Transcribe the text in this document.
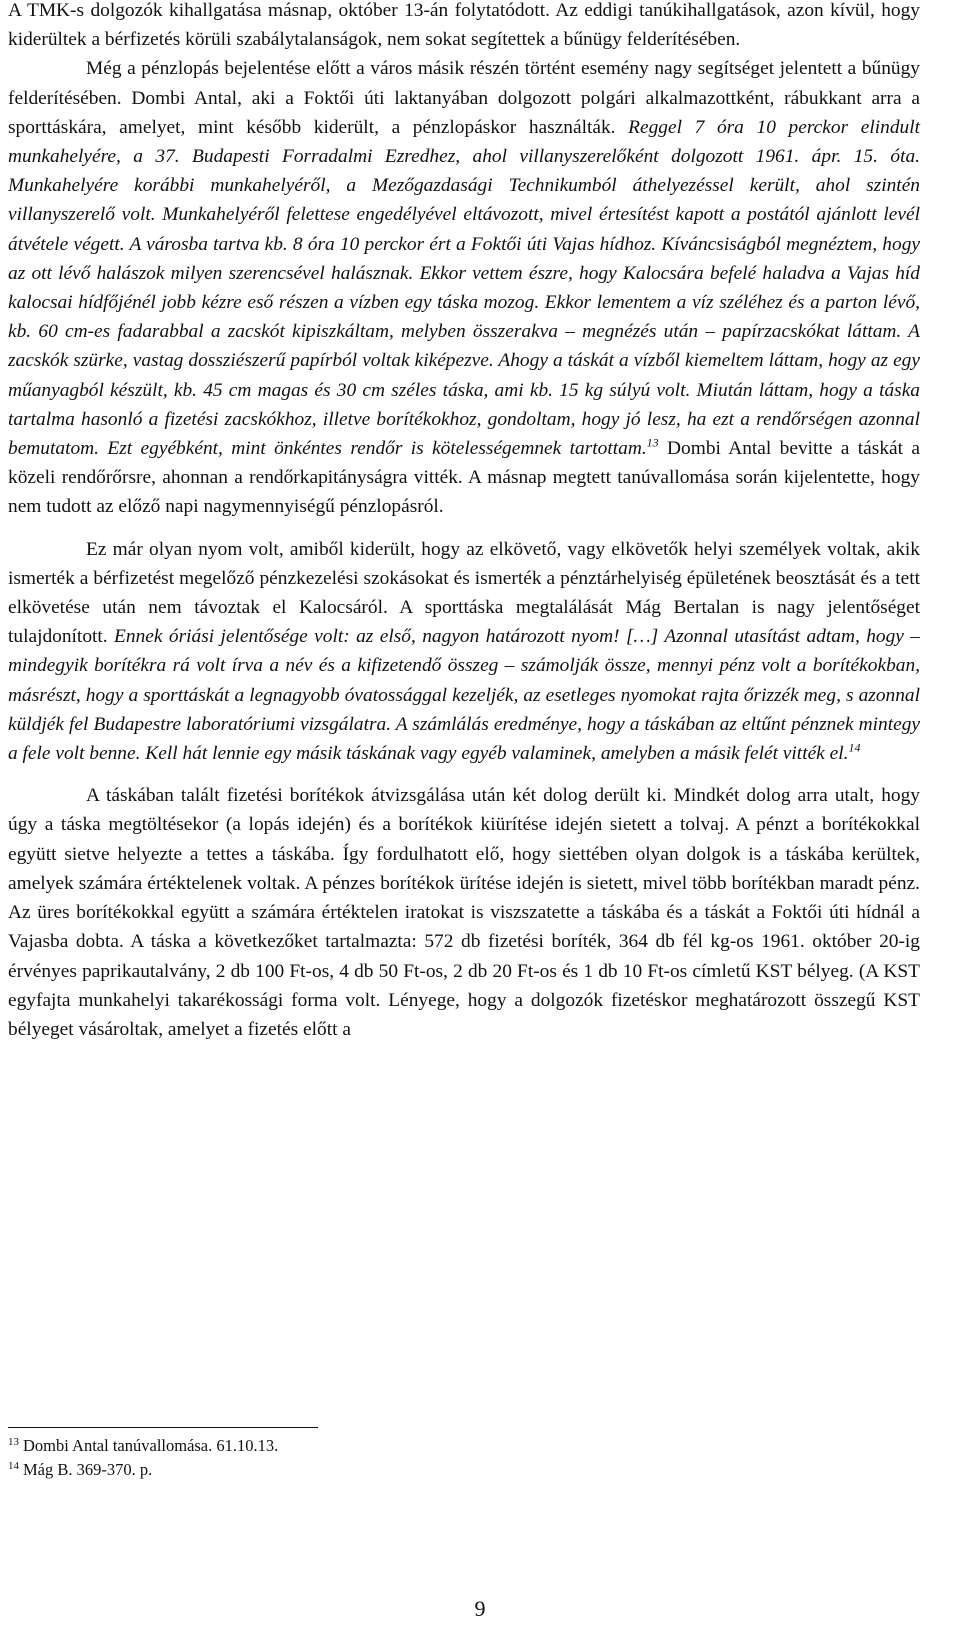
A TMK-s dolgozók kihallgatása másnap, október 13-án folytatódott. Az eddigi tanúkihallgatások, azon kívül, hogy kiderültek a bérfizetés körüli szabálytalanságok, nem sokat segítettek a bűnügy felderítésében.

Még a pénzlopás bejelentése előtt a város másik részén történt esemény nagy segítséget jelentett a bűnügy felderítésében. Dombi Antal, aki a Foktői úti laktanyában dolgozott polgári alkalmazottként, rábukkant arra a sporttáskára, amelyet, mint később kiderült, a pénzlopáskor használták. Reggel 7 óra 10 perckor elindult munkahelyére, a 37. Budapesti Forradalmi Ezredhez, ahol villanyszerelőként dolgozott 1961. ápr. 15. óta. Munkahelyére korábbi munkahelyéről, a Mezőgazdasági Technikumból áthelyezéssel került, ahol szintén villanyszerelő volt. Munkahelyéről felettese engedélyével eltávozott, mivel értesítést kapott a postától ajánlott levél átvétele végett. A városba tartva kb. 8 óra 10 perckor ért a Foktői úti Vajas hídhoz. Kíváncsiságból megnéztem, hogy az ott lévő halászok milyen szerencsével halásznak. Ekkor vettem észre, hogy Kalocsára befelé haladva a Vajas híd kalocsai hídfőjénél jobb kézre eső részen a vízben egy táska mozog. Ekkor lementem a víz széléhez és a parton lévő, kb. 60 cm-es fadarabbal a zacskót kipiszkáltam, melyben összerakva – megnézés után – papírzacskókat láttam. A zacskók szürke, vastag dossziészerű papírból voltak kiképezve. Ahogy a táskát a vízből kiemeltem láttam, hogy az egy műanyagból készült, kb. 45 cm magas és 30 cm széles táska, ami kb. 15 kg súlyú volt. Miután láttam, hogy a táska tartalma hasonló a fizetési zacskókhoz, illetve borítékokhoz, gondoltam, hogy jó lesz, ha ezt a rendőrségen azonnal bemutatom. Ezt egyébként, mint önkéntes rendőr is kötelességemnek tartottam.$^{13}$ Dombi Antal bevitte a táskát a közeli rendőrőrsre, ahonnan a rendőrkapitányságra vitték. A másnap megtett tanúvallomása során kijelentette, hogy nem tudott az előző napi nagymennyiségű pénzlopásról.

Ez már olyan nyom volt, amiből kiderült, hogy az elkövető, vagy elkövetők helyi személyek voltak, akik ismerték a bérfizetést megelőző pénzkezelési szokásokat és ismerték a pénztárhelyiség épületének beosztását és a tett elkövetése után nem távoztak el Kalocsáról. A sporttáska megtalálását Mág Bertalan is nagy jelentőséget tulajdonított. Ennek óriási jelentősége volt: az első, nagyon határozott nyom! […] Azonnal utasítást adtam, hogy – mindegyik borítékra rá volt írva a név és a kifizetendő összeg – számolják össze, mennyi pénz volt a borítékokban, másrészt, hogy a sporttáskát a legnagyobb óvatossággal kezeljék, az esetleges nyomokat rajta őrizzék meg, s azonnal küldjék fel Budapestre laboratóriumi vizsgálatra. A számlálás eredménye, hogy a táskában az eltűnt pénznek mintegy a fele volt benne. Kell hát lennie egy másik táskának vagy egyéb valaminek, amelyben a másik felét vitték el.$^{14}$

A táskában talált fizetési borítékok átvizsgálása után két dolog derült ki. Mindkét dolog arra utalt, hogy úgy a táska megtöltésekor (a lopás idején) és a borítékok kiürítése idején sietett a tolvaj. A pénzt a borítékokkal együtt sietve helyezte a tettes a táskába. Így fordulhatott elő, hogy siettében olyan dolgok is a táskába kerültek, amelyek számára értéktelenek voltak. A pénzes borítékok ürítése idején is sietett, mivel több borítékban maradt pénz. Az üres borítékokkal együtt a számára értéktelen iratokat is viszszatette a táskába és a táskát a Foktői úti hídnál a Vajasba dobta. A táska a következőket tartalmazta: 572 db fizetési boríték, 364 db fél kg-os 1961. október 20-ig érvényes paprikautalvány, 2 db 100 Ft-os, 4 db 50 Ft-os, 2 db 20 Ft-os és 1 db 10 Ft-os címletű KST bélyeg. (A KST egyfajta munkahelyi takarékossági forma volt. Lényege, hogy a dolgozók fizetéskor meghatározott összegű KST bélyeget vásároltak, amelyet a fizetés előtt a

$^{13}$ Dombi Antal tanúvallomása. 61.10.13.
$^{14}$ Mág B. 369-370. p.
9
